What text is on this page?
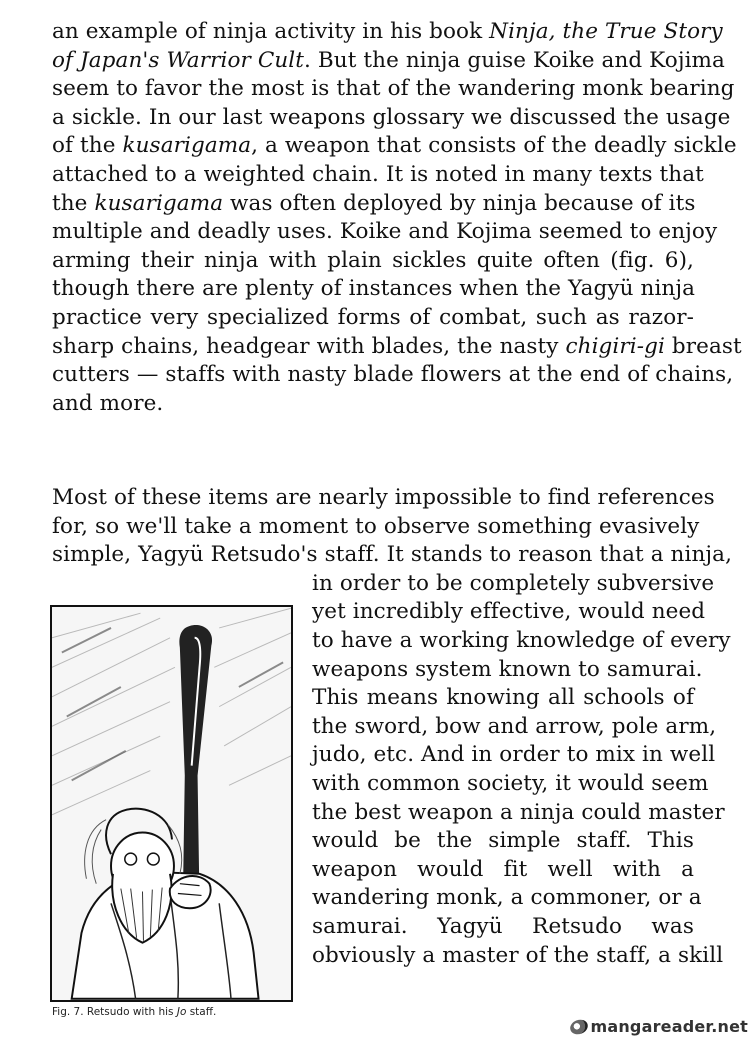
an example of ninja activity in his book Ninja, the True Story
of Japan's Warrior Cult. But the ninja guise Koike and Kojima
seem to favor the most is that of the wandering monk bearing
a sickle. In our last weapons glossary we discussed the usage
of the kusarigama, a weapon that consists of the deadly sickle
attached to a weighted chain. It is noted in many texts that
the kusarigama was often deployed by ninja because of its
multiple and deadly uses. Koike and Kojima seemed to enjoy
arming their ninja with plain sickles quite often (fig. 6),
though there are plenty of instances when the Yagyü ninja
practice very specialized forms of combat, such as razor-
sharp chains, headgear with blades, the nasty chigiri-gi breast
cutters — staffs with nasty blade flowers at the end of chains,
and more.
Most of these items are nearly impossible to find references
for, so we'll take a moment to observe something evasively
simple, Yagyü Retsudo's staff. It stands to reason that a ninja,
in order to be completely subversive
yet incredibly effective, would need
to have a working knowledge of every
weapons system known to samurai.
This means knowing all schools of
the sword, bow and arrow, pole arm,
judo, etc. And in order to mix in well
with common society, it would seem
the best weapon a ninja could master
would be the simple staff. This
weapon would fit well with a
wandering monk, a commoner, or a
samurai. Yagyü Retsudo was
obviously a master of the staff, a skill
Fig. 7. Retsudo with his Jo staff.
mangareader.net
